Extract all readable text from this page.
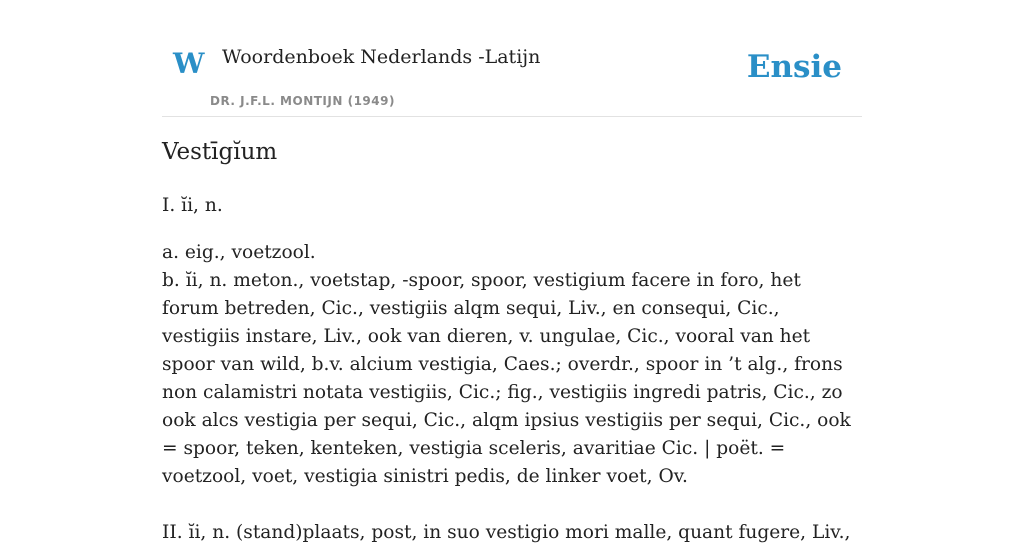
W Woordenboek Nederlands -Latijn
DR. J.F.L. MONTIJN (1949)
Ensie
Vestīgĭum

I. ĭi, n.

a. eig., voetzool.

b. ĭi, n. meton., voetstap, -spoor, spoor, vestigium facere in foro, het forum betreden, Cic., vestigiis alqm sequi, Liv., en consequi, Cic., vestigiis instare, Liv., ook van dieren, v. ungulae, Cic., vooral van het spoor van wild, b.v. alcium vestigia, Caes.; overdr., spoor in ’t alg., frons non calamistri notata vestigiis, Cic.; fig., vestigiis ingredi patris, Cic., zo ook alcs vestigia per sequi, Cic., alqm ipsius vestigiis per sequi, Cic., ook = spoor, teken, kenteken, vestigia sceleris, avaritiae Cic. | poët. = voetzool, voet, vestigia sinistri pedis, de linker voet, Ov.

II. ĭi, n. (stand)plaats, post, in suo vestigio mori malle, quant fugere, Liv.,
